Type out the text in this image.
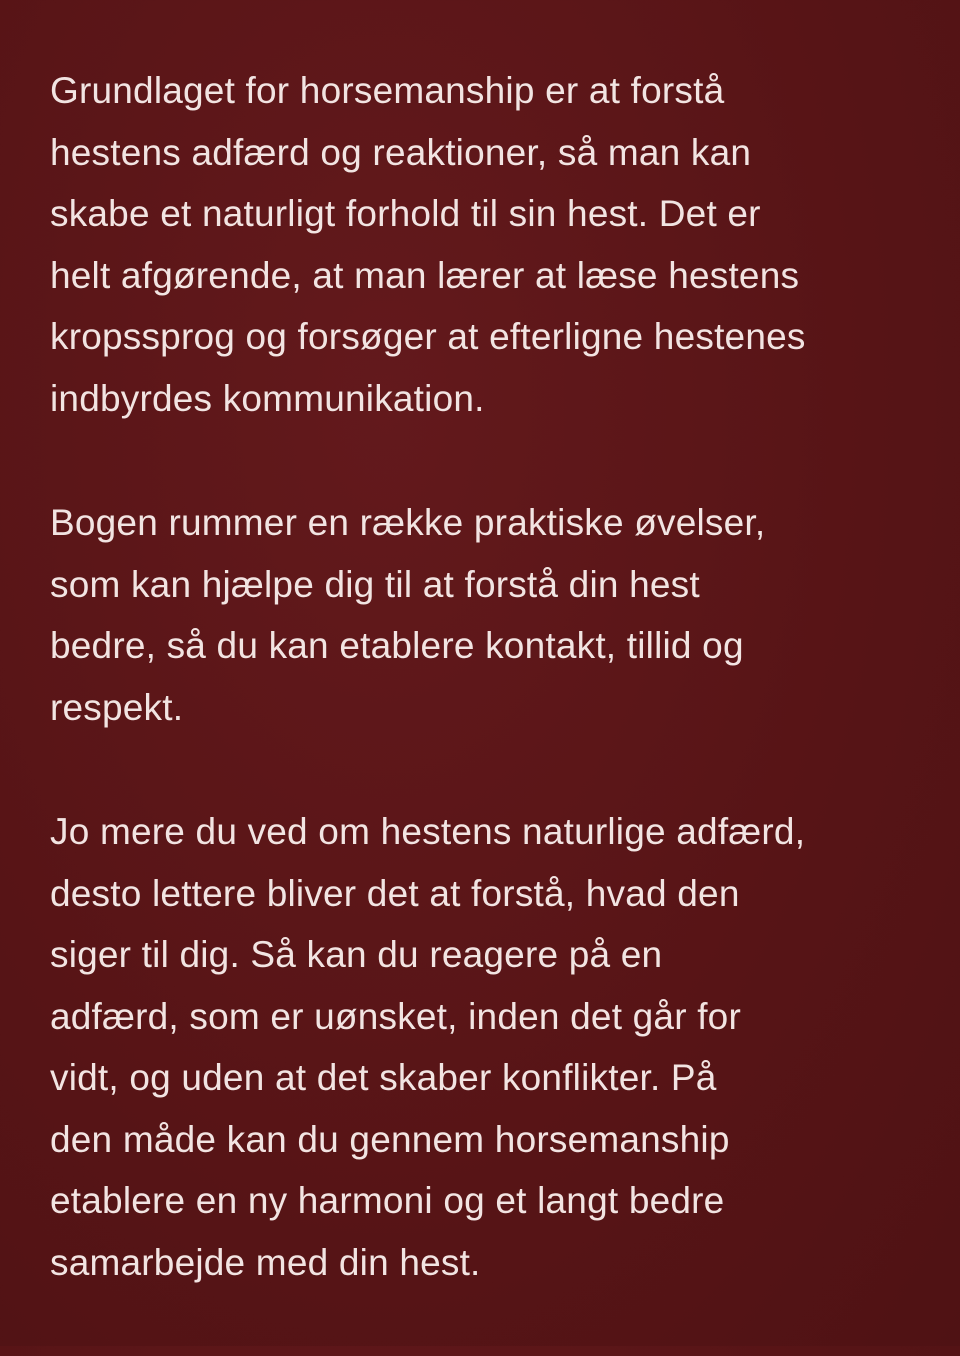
Grundlaget for horsemanship er at forstå
hestens adfærd og reaktioner, så man kan
skabe et naturligt forhold til sin hest. Det er
helt afgørende, at man lærer at læse hestens
kropssprog og forsøger at efterligne hestenes
indbyrdes kommunikation.

Bogen rummer en række praktiske øvelser,
som kan hjælpe dig til at forstå din hest
bedre, så du kan etablere kontakt, tillid og
respekt.

Jo mere du ved om hestens naturlige adfærd,
desto lettere bliver det at forstå, hvad den
siger til dig. Så kan du reagere på en
adfærd, som er uønsket, inden det går for
vidt, og uden at det skaber konflikter. På
den måde kan du gennem horsemanship
etablere en ny harmoni og et langt bedre
samarbejde med din hest.
